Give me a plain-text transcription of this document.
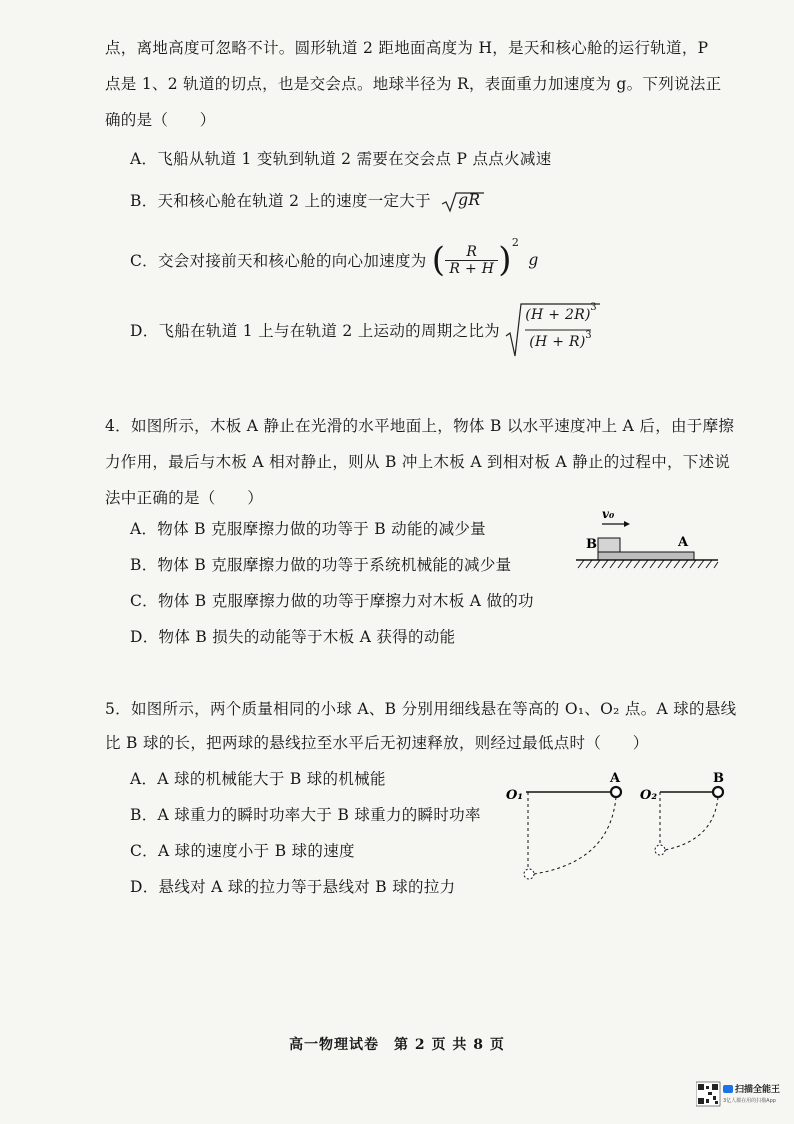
点，离地高度可忽略不计。圆形轨道 2 距地面高度为 H，是天和核心舱的运行轨道，P
点是 1、2 轨道的切点，也是交会点。地球半径为 R，表面重力加速度为 g。下列说法正
确的是（　　）
A．飞船从轨道 1 变轨到轨道 2 需要在交会点 P 点点火减速
B．天和核心舱在轨道 2 上的速度一定大于 gR
C．交会对接前天和核心舱的向心加速度为 ( $\frac{R}{R + H} )^2$ g
D．飞船在轨道 1 上与在轨道 2 上运动的周期之比为
(H + 2R) 3
(H + R) 3
4．如图所示，木板 A 静止在光滑的水平地面上，物体 B 以水平速度冲上 A 后，由于摩擦
力作用，最后与木板 A 相对静止，则从 B 冲上木板 A 到相对板 A 静止的过程中，下述说
法中正确的是（　　）
A．物体 B 克服摩擦力做的功等于 B 动能的减少量
B．物体 B 克服摩擦力做的功等于系统机械能的减少量
C．物体 B 克服摩擦力做的功等于摩擦力对木板 A 做的功
D．物体 B 损失的动能等于木板 A 获得的动能
v₀
B	A
5．如图所示，两个质量相同的小球 A、B 分别用细线悬在等高的 O₁、O₂ 点。A 球的悬线
比 B 球的长，把两球的悬线拉至水平后无初速释放，则经过最低点时（　　）
A．A 球的机械能大于 B 球的机械能
B．A 球重力的瞬时功率大于 B 球重力的瞬时功率
C．A 球的速度小于 B 球的速度
D．悬线对 A 球的拉力等于悬线对 B 球的拉力
O₁
A
O₂
B
高一物理试卷　第 2 页 共 8 页
扫描全能王
3亿人都在用的扫描App
